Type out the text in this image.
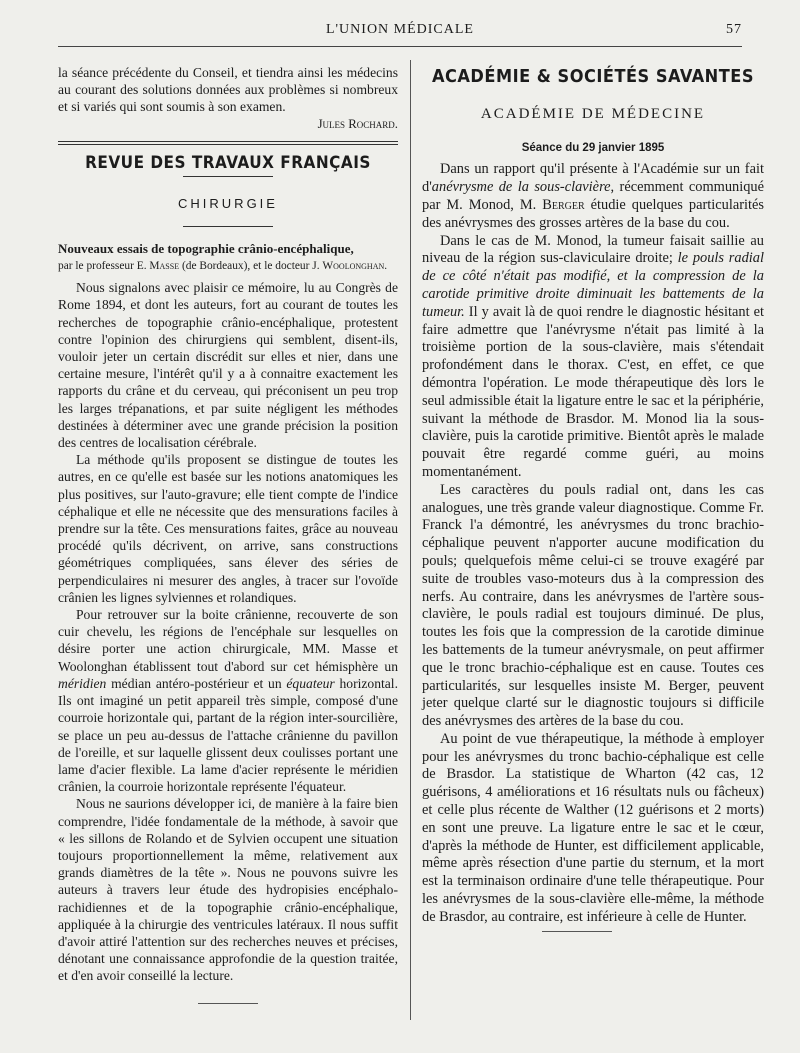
L'UNION MÉDICALE	57

la séance précédente du Conseil, et tiendra ainsi les médecins au courant des solutions données aux problèmes si nombreux et si variés qui sont soumis à son examen.

Jules Rochard.
REVUE DES TRAVAUX FRANÇAIS
CHIRURGIE
Nouveaux essais de topographie crânio-encéphalique,
par le professeur E. Masse (de Bordeaux), et le docteur J. Woolonghan.

Nous signalons avec plaisir ce mémoire, lu au Congrès de Rome 1894, et dont les auteurs, fort au courant de toutes les recherches de topographie crânio-encéphalique, protestent contre l'opinion des chirurgiens qui semblent, disent-ils, vouloir jeter un certain discrédit sur elles et nier, dans une certaine mesure, l'intérêt qu'il y a à connaitre exactement les rapports du crâne et du cerveau, qui préconisent un peu trop les larges trépanations, et par suite négligent les méthodes destinées à déterminer avec une grande précision la position des centres de localisation cérébrale.

La méthode qu'ils proposent se distingue de toutes les autres, en ce qu'elle est basée sur les notions anatomiques les plus positives, sur l'auto-gravure; elle tient compte de l'indice céphalique et elle ne nécessite que des mensurations faciles à prendre sur la tête. Ces mensurations faites, grâce au nouveau procédé qu'ils décrivent, on arrive, sans constructions géométriques compliquées, sans élever des séries de perpendiculaires ni mesurer des angles, à tracer sur l'ovoïde crânien les lignes sylviennes et rolandiques.

Pour retrouver sur la boite crânienne, recouverte de son cuir chevelu, les régions de l'encéphale sur lesquelles on désire porter une action chirurgicale, MM. Masse et Woolonghan établissent tout d'abord sur cet hémisphère un méridien médian antéro-postérieur et un équateur horizontal. Ils ont imaginé un petit appareil très simple, composé d'une courroie horizontale qui, partant de la région inter-sourcilière, se place un peu au-dessus de l'attache crânienne du pavillon de l'oreille, et sur laquelle glissent deux coulisses portant une lame d'acier flexible. La lame d'acier représente le méridien crânien, la courroie horizontale représente l'équateur.

Nous ne saurions développer ici, de manière à la faire bien comprendre, l'idée fondamentale de la méthode, à savoir que « les sillons de Rolando et de Sylvien occupent une situation toujours proportionnellement la même, relativement aux grands diamètres de la tête ». Nous ne pouvons suivre les auteurs à travers leur étude des hydropisies encéphalo-rachidiennes et de la topographie crânio-encéphalique, appliquée à la chirurgie des ventricules latéraux. Il nous suffit d'avoir attiré l'attention sur des recherches neuves et précises, dénotant une connaissance approfondie de la question traitée, et d'en avoir conseillé la lecture.

ACADÉMIE & SOCIÉTÉS SAVANTES
ACADÉMIE DE MÉDECINE
Séance du 29 janvier 1895

Dans un rapport qu'il présente à l'Académie sur un fait d'anévrysme de la sous-clavière, récemment communiqué par M. Monod, M. Berger étudie quelques particularités des anévrysmes des grosses artères de la base du cou.

Dans le cas de M. Monod, la tumeur faisait saillie au niveau de la région sus-claviculaire droite; le pouls radial de ce côté n'était pas modifié, et la compression de la carotide primitive droite diminuait les battements de la tumeur. Il y avait là de quoi rendre le diagnostic hésitant et faire admettre que l'anévrysme n'était pas limité à la troisième portion de la sous-clavière, mais s'étendait profondément dans le thorax. C'est, en effet, ce que démontra l'opération. Le mode thérapeutique dès lors le seul admissible était la ligature entre le sac et la périphérie, suivant la méthode de Brasdor. M. Monod lia la sous-clavière, puis la carotide primitive. Bientôt après le malade pouvait être regardé comme guéri, au moins momentanément.

Les caractères du pouls radial ont, dans les cas analogues, une très grande valeur diagnostique. Comme Fr. Franck l'a démontré, les anévrysmes du tronc brachio-céphalique peuvent n'apporter aucune modification du pouls; quelquefois même celui-ci se trouve exagéré par suite de troubles vaso-moteurs dus à la compression des nerfs. Au contraire, dans les anévrysmes de l'artère sous-clavière, le pouls radial est toujours diminué. De plus, toutes les fois que la compression de la carotide diminue les battements de la tumeur anévrysmale, on peut affirmer que le tronc brachio-céphalique est en cause. Toutes ces particularités, sur lesquelles insiste M. Berger, peuvent jeter quelque clarté sur le diagnostic toujours si difficile des anévrysmes des artères de la base du cou.

Au point de vue thérapeutique, la méthode à employer pour les anévrysmes du tronc bachio-céphalique est celle de Brasdor. La statistique de Wharton (42 cas, 12 guérisons, 4 améliorations et 16 résultats nuls ou fâcheux) et celle plus récente de Walther (12 guérisons et 2 morts) en sont une preuve. La ligature entre le sac et le cœur, d'après la méthode de Hunter, est difficilement applicable, même après résection d'une partie du sternum, et la mort est la terminaison ordinaire d'une telle thérapeutique. Pour les anévrysmes de la sous-clavière elle-même, la méthode de Brasdor, au contraire, est inférieure à celle de Hunter.
